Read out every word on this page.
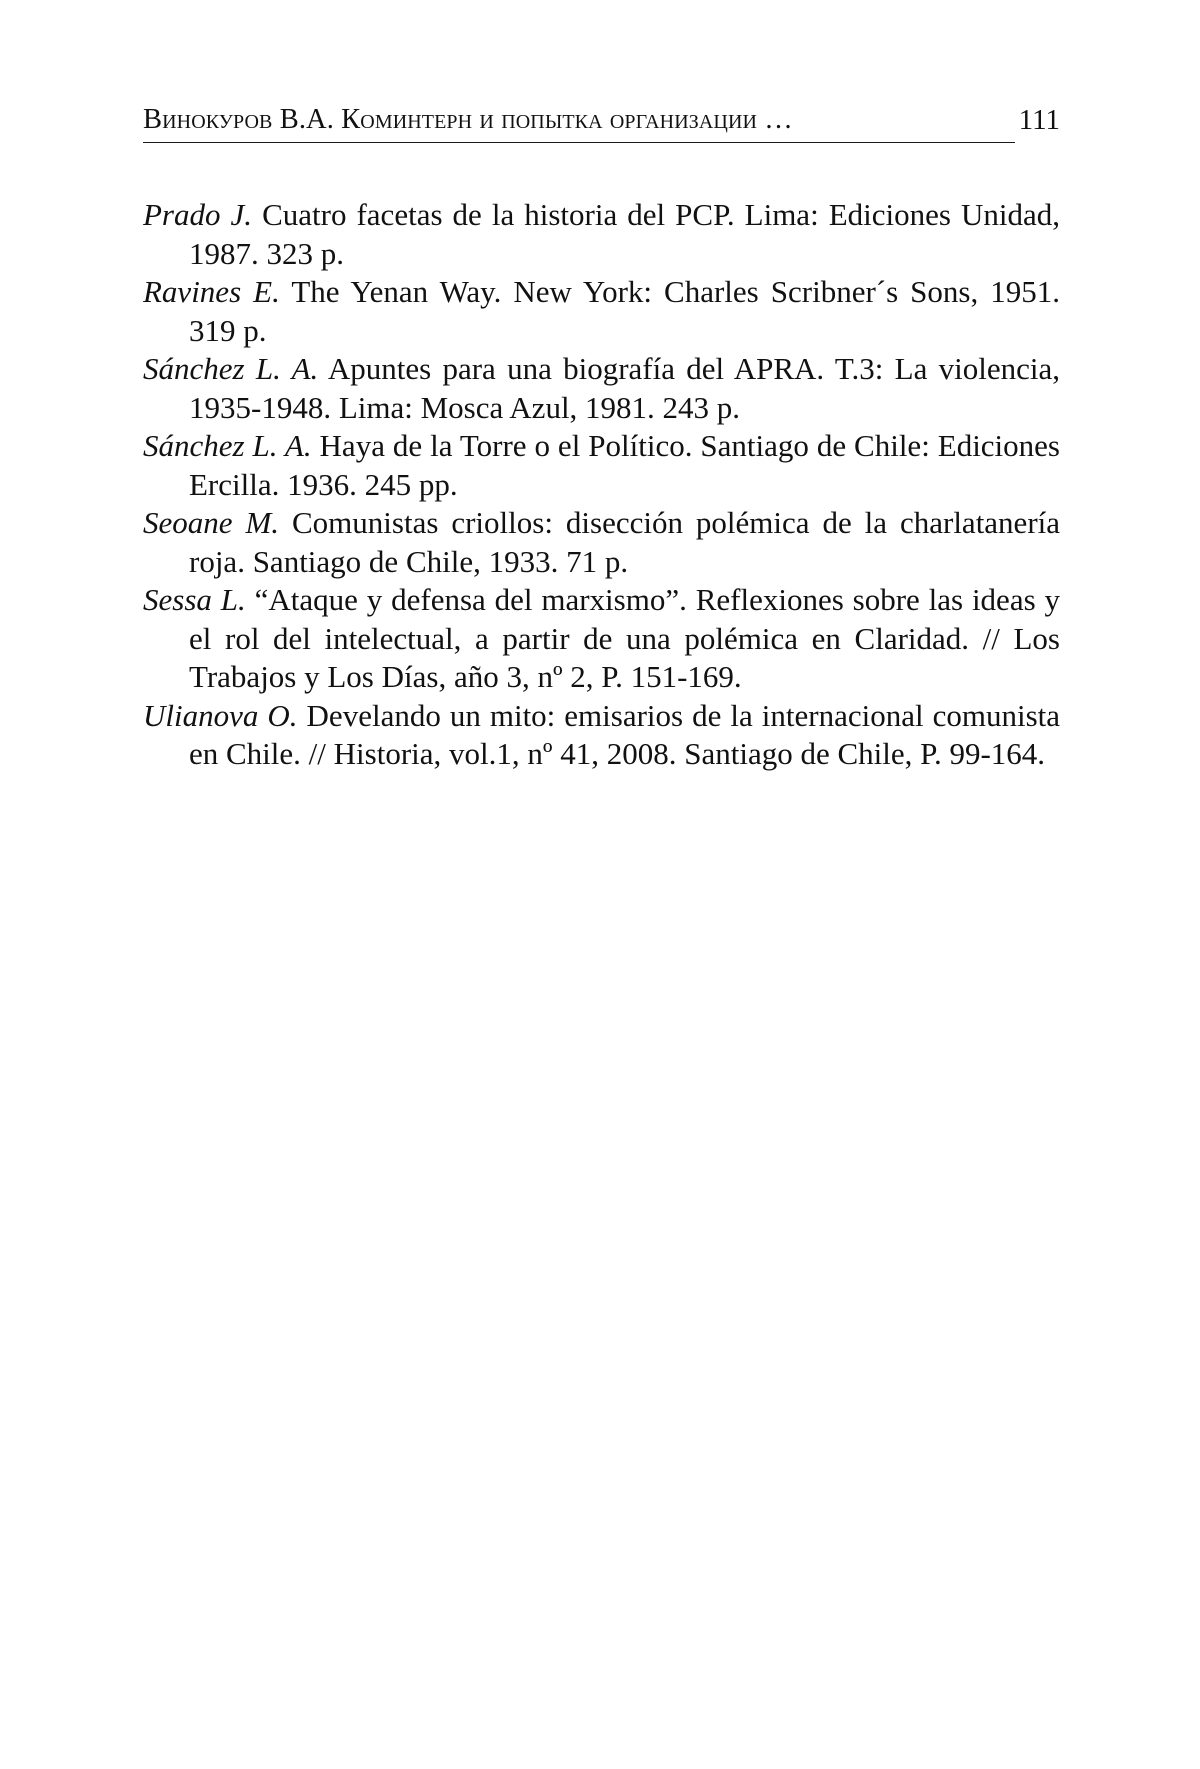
Винокуров В.А. Коминтерн и попытка организации …	111
Prado J. Cuatro facetas de la historia del PCP. Lima: Ediciones Unidad, 1987. 323 p.
Ravines E. The Yenan Way. New York: Charles Scribner´s Sons, 1951. 319 p.
Sánchez L. A. Apuntes para una biografía del APRA. T.3: La violencia, 1935-1948. Lima: Mosca Azul, 1981. 243 p.
Sánchez L. A. Haya de la Torre o el Político. Santiago de Chile: Ediciones Ercilla. 1936. 245 pp.
Seoane M. Comunistas criollos: disección polémica de la charlatanería roja. Santiago de Chile, 1933. 71 p.
Sessa L. “Ataque y defensa del marxismo”. Reflexiones sobre las ideas y el rol del intelectual, a partir de una polémica en Claridad. // Los Trabajos y Los Días, año 3, nº 2, P. 151-169.
Ulianova O. Develando un mito: emisarios de la internacional comunista en Chile. // Historia, vol.1, nº 41, 2008. Santiago de Chile, P. 99-164.
